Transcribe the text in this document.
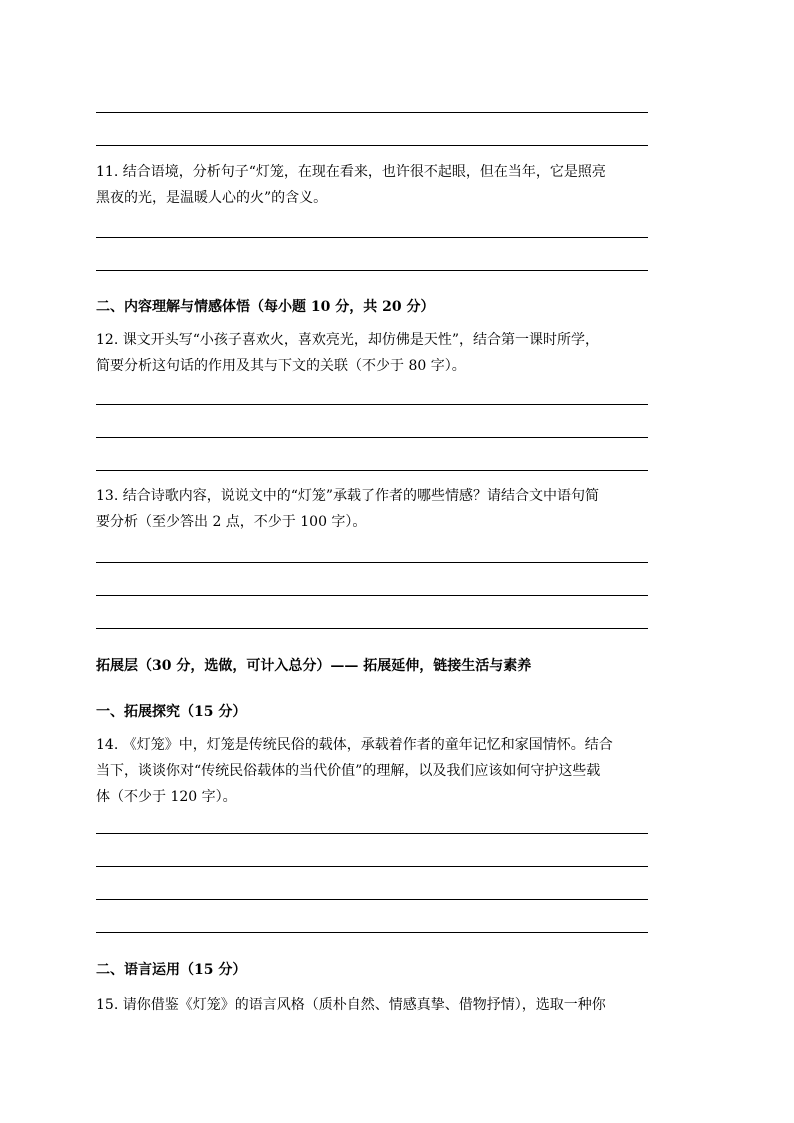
11. 结合语境，分析句子“灯笼，在现在看来，也许很不起眼，但在当年，它是照亮
黑夜的光，是温暖人心的火”的含义。
二、内容理解与情感体悟（每小题 10 分，共 20 分）
12. 课文开头写“小孩子喜欢火，喜欢亮光，却仿佛是天性”，结合第一课时所学，
简要分析这句话的作用及其与下文的关联（不少于 80 字）。
13. 结合诗歌内容，说说文中的“灯笼”承载了作者的哪些情感？请结合文中语句简
要分析（至少答出 2 点，不少于 100 字）。
拓展层（30 分，选做，可计入总分）—— 拓展延伸，链接生活与素养
一、拓展探究（15 分）
14. 《灯笼》中，灯笼是传统民俗的载体，承载着作者的童年记忆和家国情怀。结合
当下，谈谈你对“传统民俗载体的当代价值”的理解，以及我们应该如何守护这些载
体（不少于 120 字）。
二、语言运用（15 分）
15. 请你借鉴《灯笼》的语言风格（质朴自然、情感真挚、借物抒情），选取一种你
